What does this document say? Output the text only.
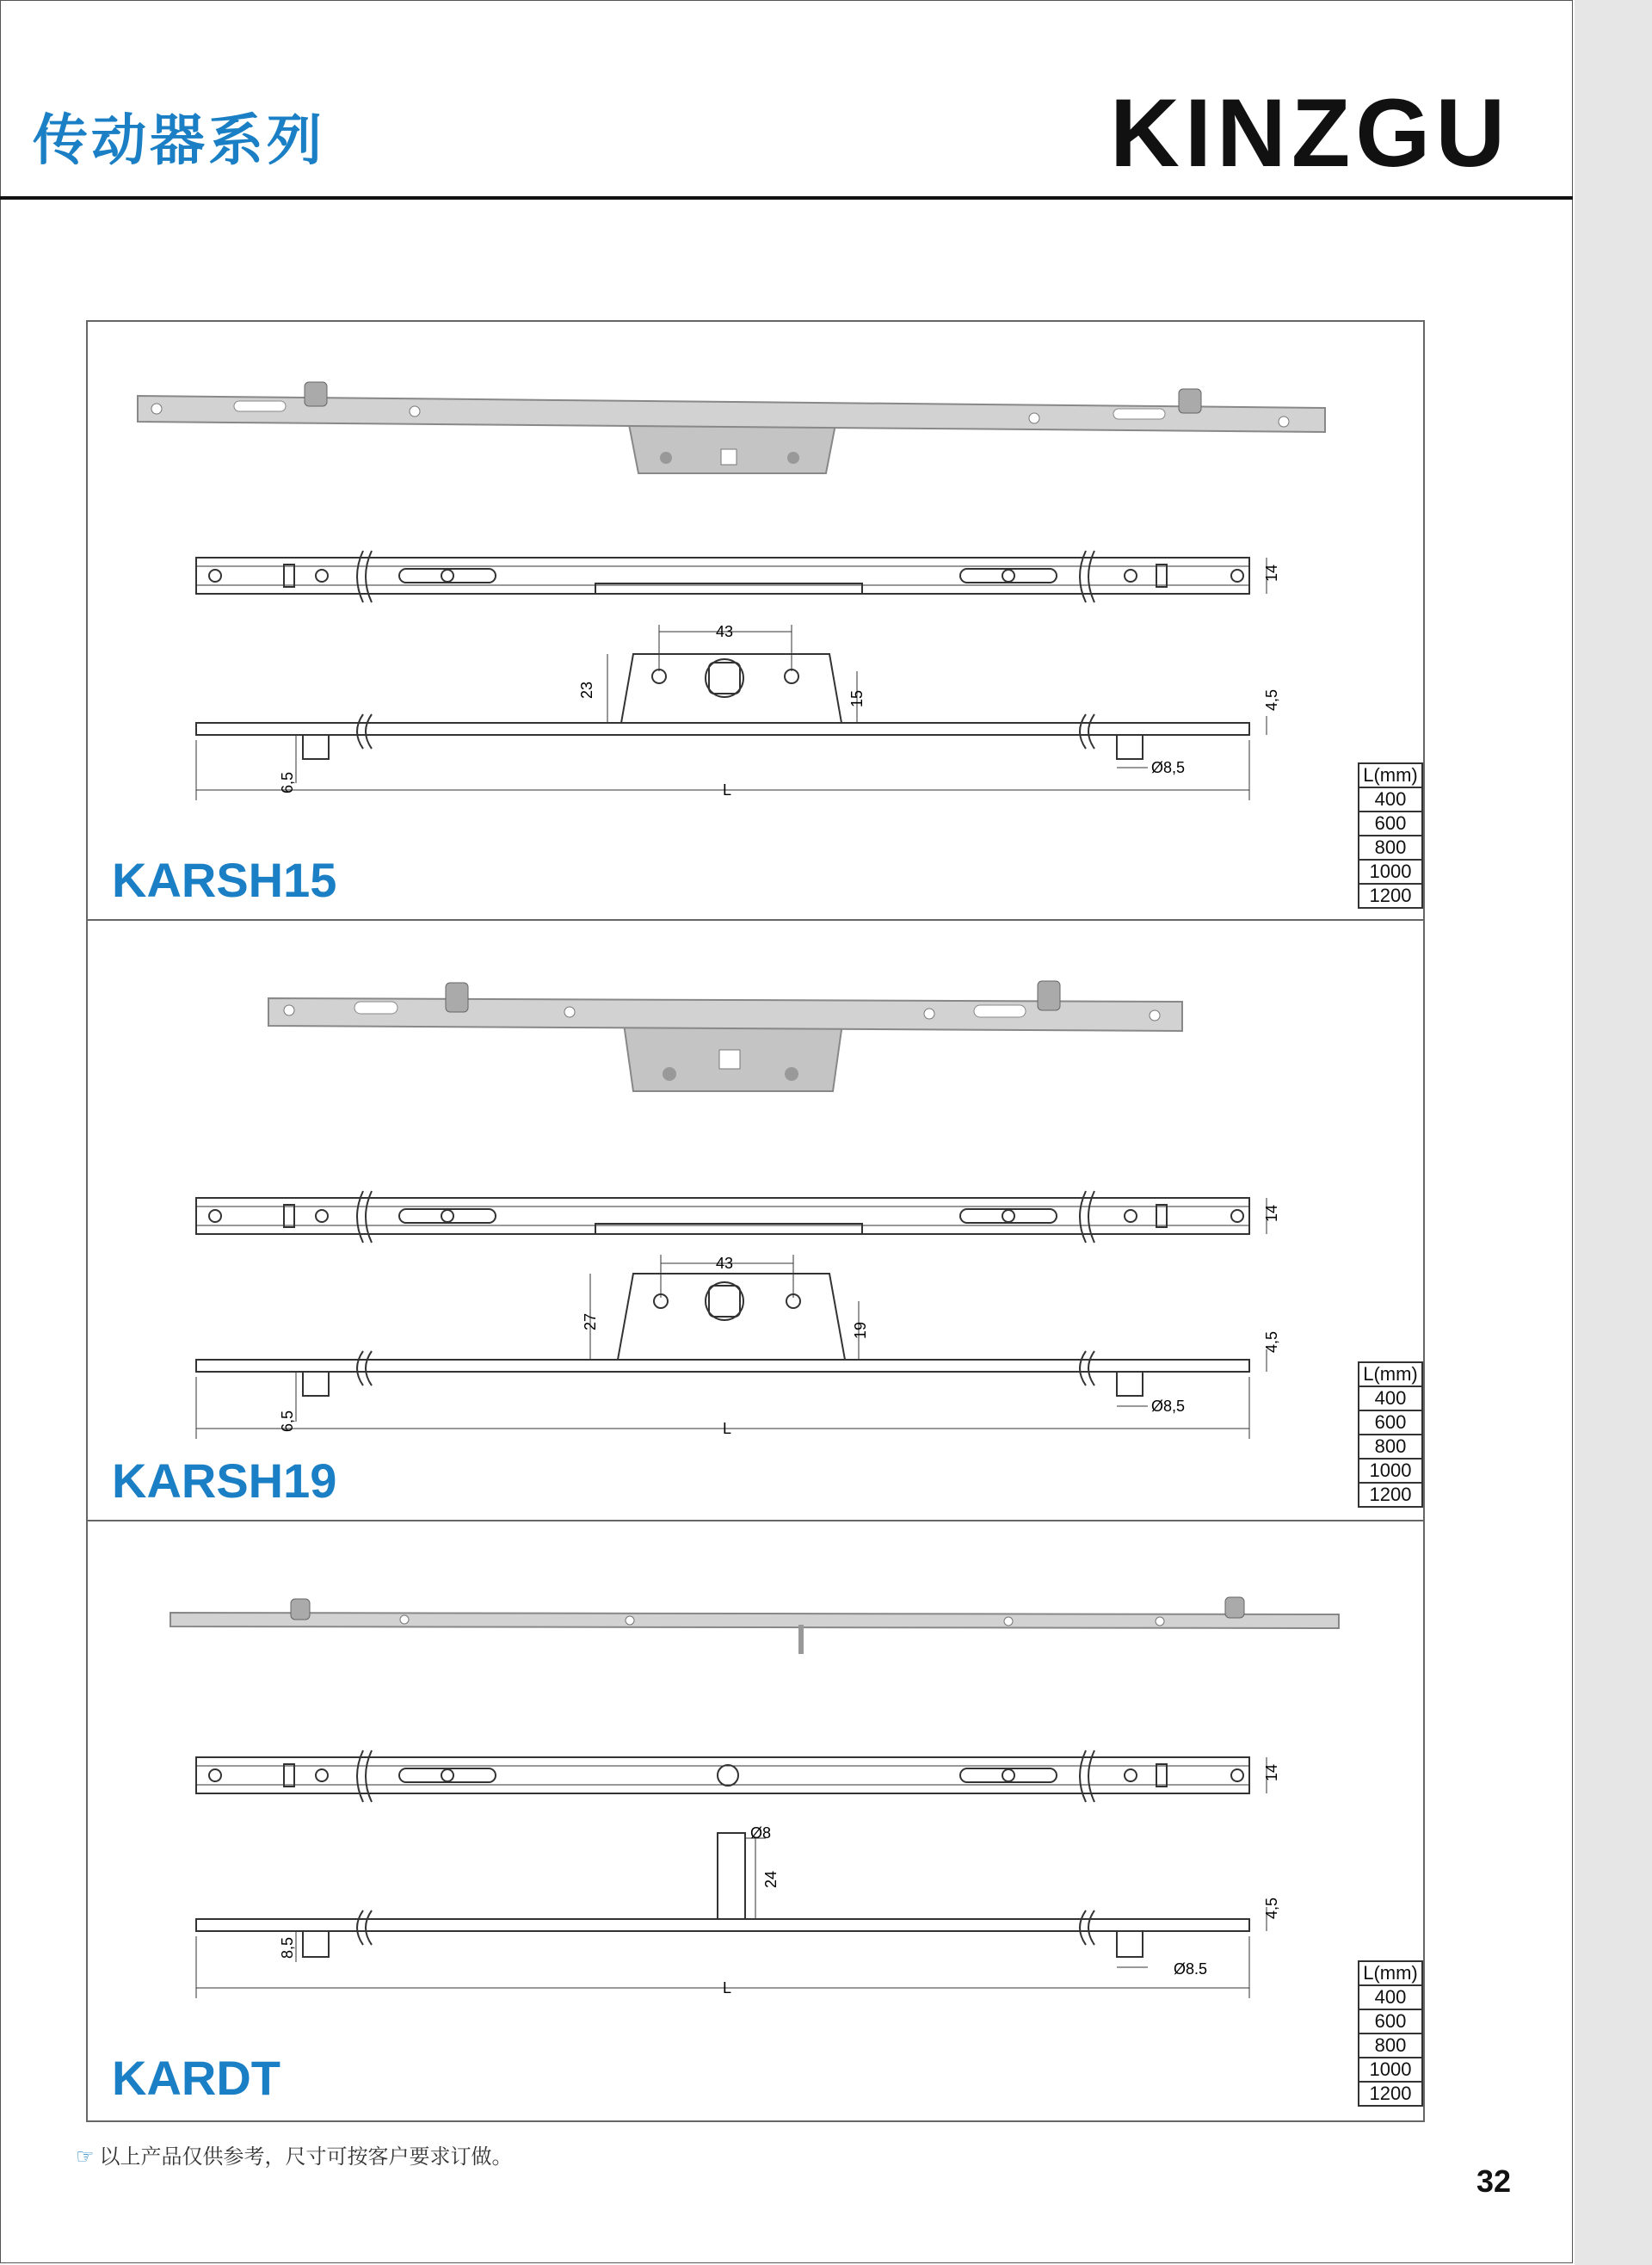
传动器系列	KINZGU
14
43
23	15	4,5
6,5
Ø8,5
L
KARSH15
L(mm)
400
600
800
1000
1200
14
43
27	19
4,5
6,5
Ø8,5
L
KARSH19
L(mm)
400
600
800
1000
1200
14
Ø8
24
4,5
8,5
Ø8.5
L
KARDT
L(mm)
400
600
800
1000
1200
☞ 以上产品仅供参考，尺寸可按客户要求订做。
32
